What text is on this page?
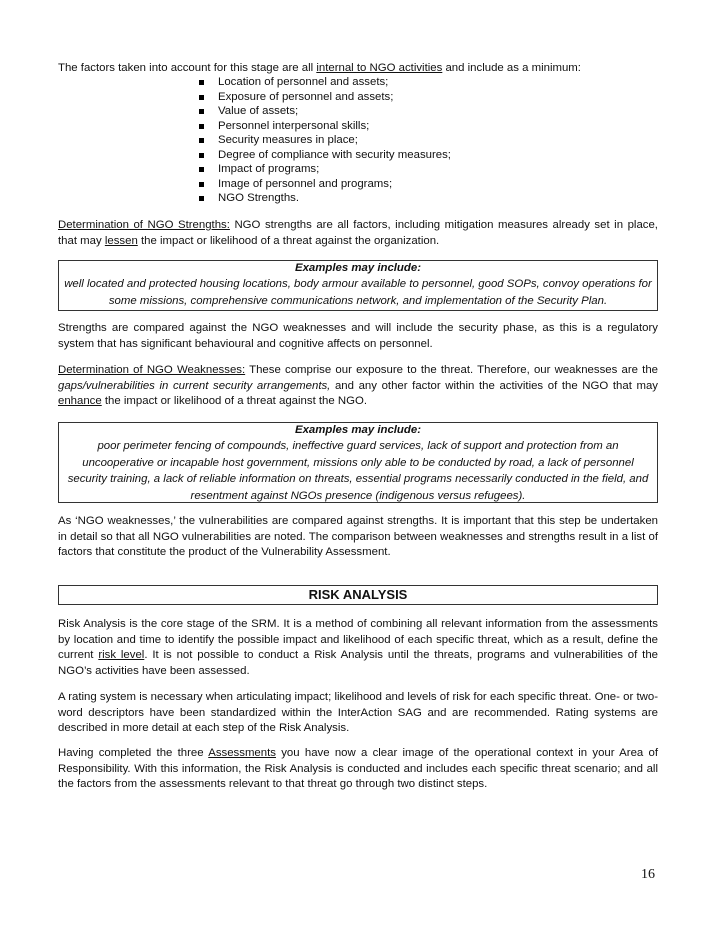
The factors taken into account for this stage are all internal to NGO activities and include as a minimum:

Location of personnel and assets;
Exposure of personnel and assets;
Value of assets;
Personnel interpersonal skills;
Security measures in place;
Degree of compliance with security measures;
Impact of programs;
Image of personnel and programs;
NGO Strengths.

Determination of NGO Strengths: NGO strengths are all factors, including mitigation measures already set in place, that may lessen the impact or likelihood of a threat against the organization.

Examples may include:
well located and protected housing locations, body armour available to personnel, good SOPs, convoy operations for some missions, comprehensive communications network, and implementation of the Security Plan.

Strengths are compared against the NGO weaknesses and will include the security phase, as this is a regulatory system that has significant behavioural and cognitive affects on personnel.

Determination of NGO Weaknesses: These comprise our exposure to the threat. Therefore, our weaknesses are the gaps/vulnerabilities in current security arrangements, and any other factor within the activities of the NGO that may enhance the impact or likelihood of a threat against the NGO.

Examples may include:
poor perimeter fencing of compounds, ineffective guard services, lack of support and protection from an uncooperative or incapable host government, missions only able to be conducted by road, a lack of personnel security training, a lack of reliable information on threats, essential programs necessarily conducted in the field, and resentment against NGOs presence (indigenous versus refugees).

As ‘NGO weaknesses,’ the vulnerabilities are compared against strengths. It is important that this step be undertaken in detail so that all NGO vulnerabilities are noted. The comparison between weaknesses and strengths result in a list of factors that constitute the product of the Vulnerability Assessment.

RISK ANALYSIS

Risk Analysis is the core stage of the SRM. It is a method of combining all relevant information from the assessments by location and time to identify the possible impact and likelihood of each specific threat, which as a result, define the current risk level. It is not possible to conduct a Risk Analysis until the threats, programs and vulnerabilities of the NGO’s activities have been assessed.

A rating system is necessary when articulating impact; likelihood and levels of risk for each specific threat. One- or two-word descriptors have been standardized within the InterAction SAG and are recommended. Rating systems are described in more detail at each step of the Risk Analysis.

Having completed the three Assessments you have now a clear image of the operational context in your Area of Responsibility. With this information, the Risk Analysis is conducted and includes each specific threat scenario; and all the factors from the assessments relevant to that threat go through two distinct steps.

16
